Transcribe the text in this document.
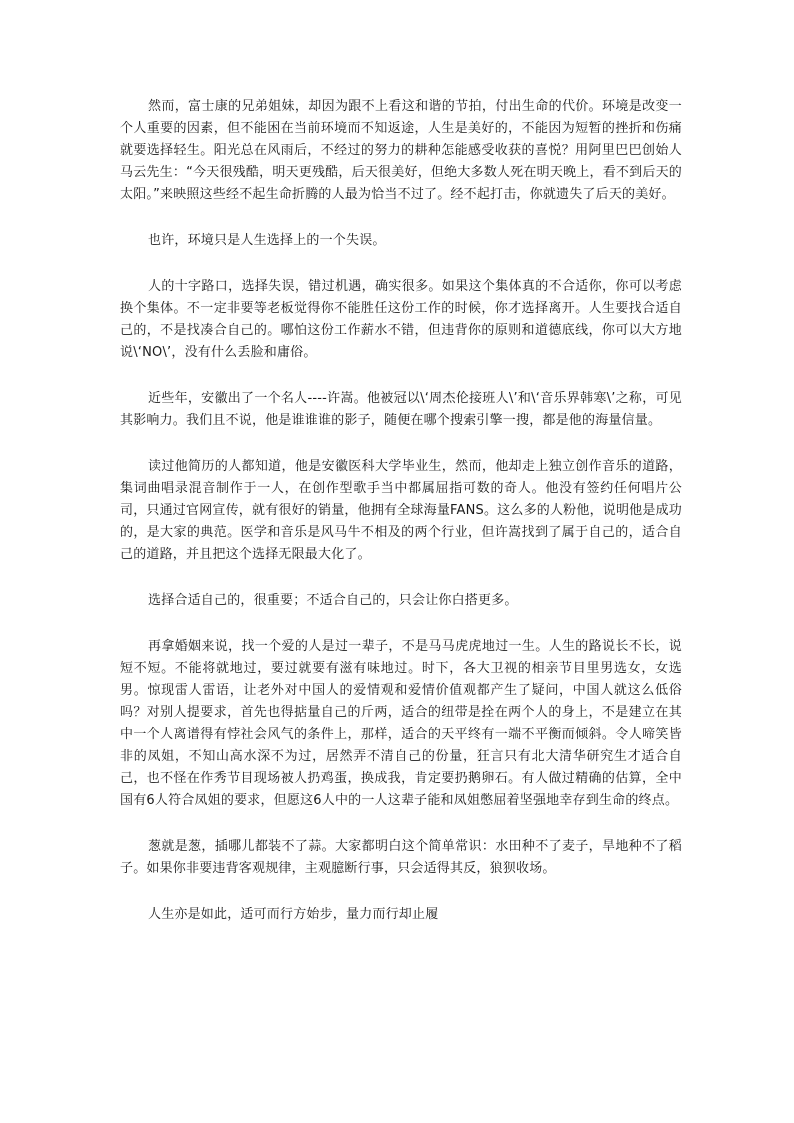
然而，富士康的兄弟姐妹，却因为跟不上看这和谐的节拍，付出生命的代价。环境是改变一个人重要的因素，但不能困在当前环境而不知返途，人生是美好的，不能因为短暂的挫折和伤痛就要选择轻生。阳光总在风雨后，不经过的努力的耕种怎能感受收获的喜悦？用阿里巴巴创始人马云先生：“今天很残酷，明天更残酷，后天很美好，但绝大多数人死在明天晚上，看不到后天的太阳。”来映照这些经不起生命折腾的人最为恰当不过了。经不起打击，你就遗失了后天的美好。

也许，环境只是人生选择上的一个失误。

人的十字路口，选择失误，错过机遇，确实很多。如果这个集体真的不合适你，你可以考虑换个集体。不一定非要等老板觉得你不能胜任这份工作的时候，你才选择离开。人生要找合适自己的，不是找凑合自己的。哪怕这份工作薪水不错，但违背你的原则和道德底线，你可以大方地说\‘NO\’，没有什么丢脸和庸俗。

近些年，安徽出了一个名人----许嵩。他被冠以\‘周杰伦接班人\’和\‘音乐界韩寒\’之称，可见其影响力。我们且不说，他是谁谁谁的影子，随便在哪个搜索引擎一搜，都是他的海量信量。

读过他简历的人都知道，他是安徽医科大学毕业生，然而，他却走上独立创作音乐的道路，集词曲唱录混音制作于一人，在创作型歌手当中都属屈指可数的奇人。他没有签约任何唱片公司，只通过官网宣传，就有很好的销量，他拥有全球海量FANS。这么多的人粉他，说明他是成功的，是大家的典范。医学和音乐是风马牛不相及的两个行业，但许嵩找到了属于自己的，适合自己的道路，并且把这个选择无限最大化了。

选择合适自己的，很重要；不适合自己的，只会让你白搭更多。

再拿婚姻来说，找一个爱的人是过一辈子，不是马马虎虎地过一生。人生的路说长不长，说短不短。不能将就地过，要过就要有滋有味地过。时下，各大卫视的相亲节目里男选女，女选男。惊现雷人雷语，让老外对中国人的爱情观和爱情价值观都产生了疑问，中国人就这么低俗吗？对别人提要求，首先也得掂量自己的斤两，适合的纽带是拴在两个人的身上，不是建立在其中一个人离谱得有悖社会风气的条件上，那样，适合的天平终有一端不平衡而倾斜。令人啼笑皆非的凤姐，不知山高水深不为过，居然弄不清自己的份量，狂言只有北大清华研究生才适合自己，也不怪在作秀节目现场被人扔鸡蛋，换成我，肯定要扔鹅卵石。有人做过精确的估算，全中国有6人符合凤姐的要求，但愿这6人中的一人这辈子能和凤姐憋屈着坚强地幸存到生命的终点。

葱就是葱，插哪儿都装不了蒜。大家都明白这个简单常识：水田种不了麦子，旱地种不了稻子。如果你非要违背客观规律，主观臆断行事，只会适得其反，狼狈收场。

人生亦是如此，适可而行方始步，量力而行却止履
